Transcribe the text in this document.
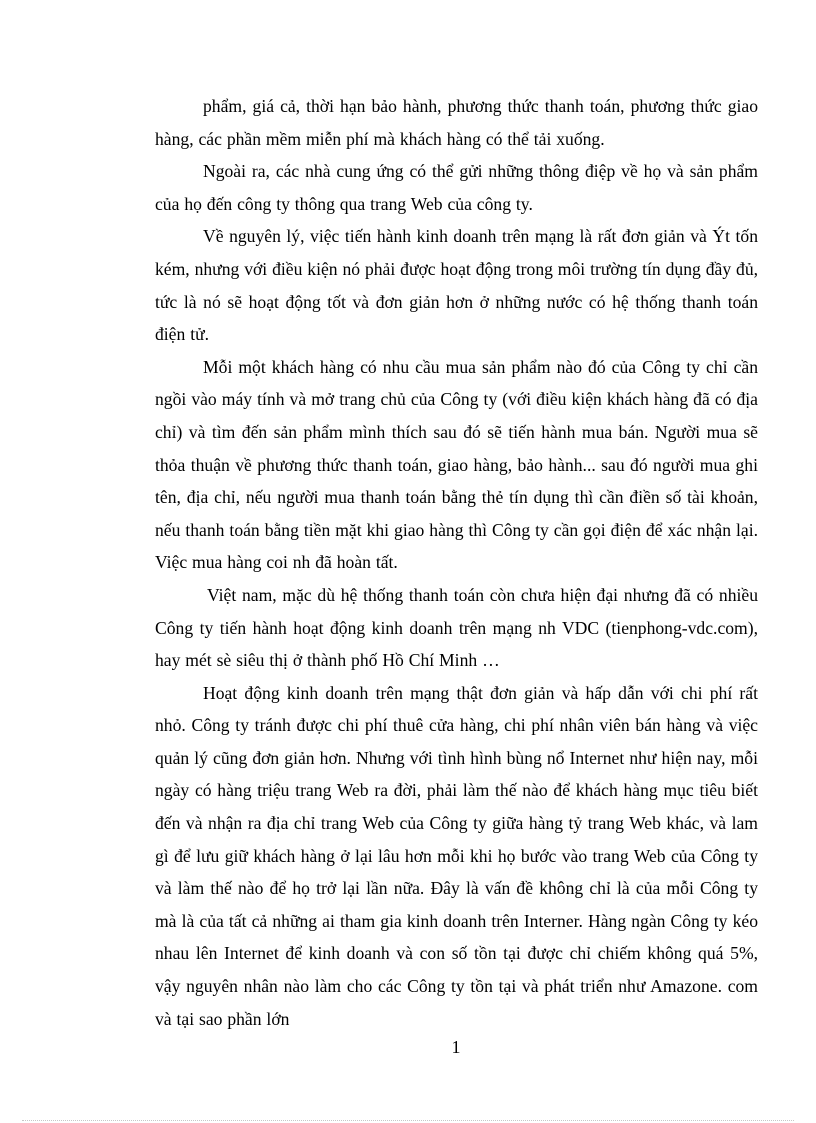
phẩm, giá cả, thời hạn bảo hành, phương thức thanh toán, phương thức giao hàng, các phần mềm miễn phí mà khách hàng có thể tải xuống.

Ngoài ra, các nhà cung ứng có thể gửi những thông điệp về họ và sản phẩm của họ đến công ty thông qua trang Web của công ty.

Về nguyên lý, việc tiến hành kinh doanh trên mạng là rất đơn giản và Ýt tốn kém, nhưng với điều kiện nó phải được hoạt động trong môi trường tín dụng đầy đủ, tức là nó sẽ hoạt động tốt và đơn giản hơn ở những nước có hệ thống thanh toán điện tử.

Mỗi một khách hàng có nhu cầu mua sản phẩm nào đó của Công ty chỉ cần ngồi vào máy tính và mở trang chủ của Công ty (với điều kiện khách hàng đã có địa chỉ) và tìm đến sản phẩm mình thích sau đó sẽ tiến hành mua bán. Người mua sẽ thỏa thuận về phương thức thanh toán, giao hàng, bảo hành... sau đó người mua ghi tên, địa chỉ, nếu người mua thanh toán bằng thẻ tín dụng thì cần điền số tài khoản, nếu thanh toán bằng tiền mặt khi giao hàng thì Công ty cần gọi điện để xác nhận lại. Việc mua hàng coi nh đã hoàn tất.

Việt nam, mặc dù hệ thống thanh toán còn chưa hiện đại nhưng đã có nhiều Công ty tiến hành hoạt động kinh doanh trên mạng nh VDC (tienphong-vdc.com), hay mét sè siêu thị ở thành phố Hồ Chí Minh …

Hoạt động kinh doanh trên mạng thật đơn giản và hấp dẫn với chi phí rất nhỏ. Công ty tránh được chi phí thuê cửa hàng, chi phí nhân viên bán hàng và việc quản lý cũng đơn giản hơn. Nhưng với tình hình bùng nổ Internet như hiện nay, mỗi ngày có hàng triệu trang Web ra đời, phải làm thế nào để khách hàng mục tiêu biết đến và nhận ra địa chỉ trang Web của Công ty giữa hàng tỷ trang Web khác, và lam gì để lưu giữ khách hàng ở lại lâu hơn mỗi khi họ bước vào trang Web của Công ty và làm thế nào để họ trở lại lần nữa. Đây là vấn đề không chỉ là của mỗi Công ty mà là của tất cả những ai tham gia kinh doanh trên Interner. Hàng ngàn Công ty kéo nhau lên Internet để kinh doanh và con số tồn tại được chỉ chiếm không quá 5%, vậy nguyên nhân nào làm cho các Công ty tồn tại và phát triển như Amazone. com và tại sao phần lớn

1
